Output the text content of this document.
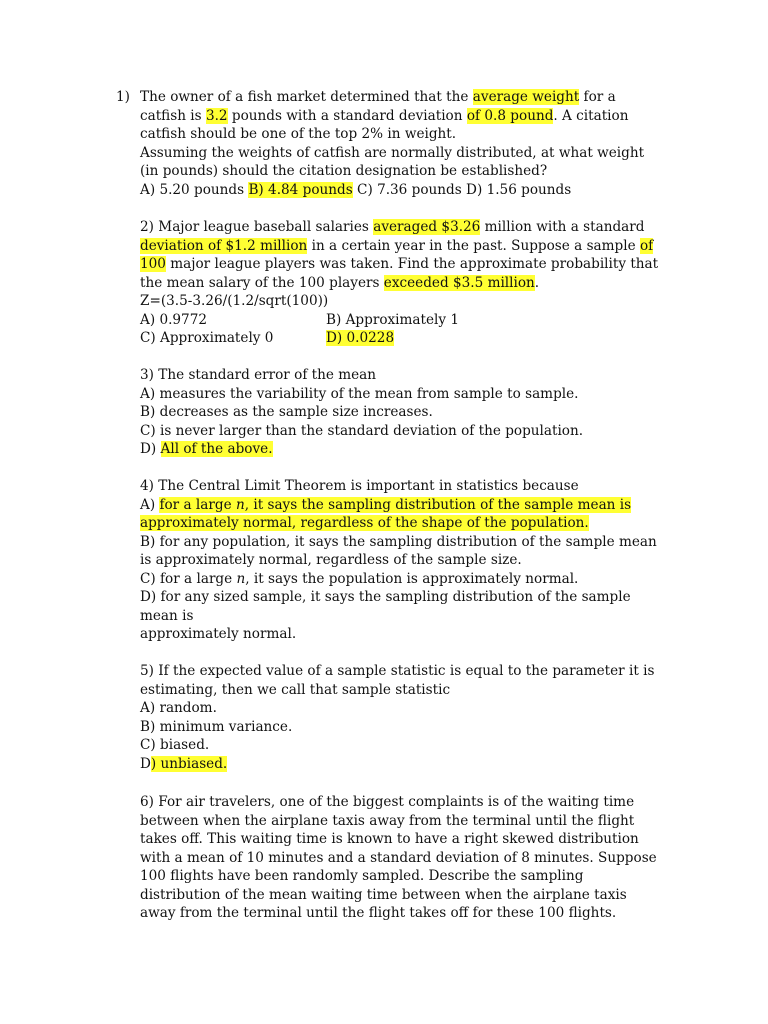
1) The owner of a fish market determined that the average weight for a
catfish is 3.2 pounds with a standard deviation of 0.8 pound. A citation
catfish should be one of the top 2% in weight.
Assuming the weights of catfish are normally distributed, at what weight
(in pounds) should the citation designation be established?
A) 5.20 pounds B) 4.84 pounds C) 7.36 pounds D) 1.56 pounds
2) Major league baseball salaries averaged $3.26 million with a standard
deviation of $1.2 million in a certain year in the past. Suppose a sample of
100 major league players was taken. Find the approximate probability that
the mean salary of the 100 players exceeded $3.5 million.
Z=(3.5-3.26/(1.2/sqrt(100))
A) 0.9772	B) Approximately 1
C) Approximately 0	D) 0.0228
3) The standard error of the mean
A) measures the variability of the mean from sample to sample.
B) decreases as the sample size increases.
C) is never larger than the standard deviation of the population.
D) All of the above.
4) The Central Limit Theorem is important in statistics because
A) for a large n, it says the sampling distribution of the sample mean is
approximately normal, regardless of the shape of the population.
B) for any population, it says the sampling distribution of the sample mean
is approximately normal, regardless of the sample size.
C) for a large n, it says the population is approximately normal.
D) for any sized sample, it says the sampling distribution of the sample
mean is
approximately normal.
5) If the expected value of a sample statistic is equal to the parameter it is
estimating, then we call that sample statistic
A) random.
B) minimum variance.
C) biased.
D) unbiased.
6) For air travelers, one of the biggest complaints is of the waiting time
between when the airplane taxis away from the terminal until the flight
takes off. This waiting time is known to have a right skewed distribution
with a mean of 10 minutes and a standard deviation of 8 minutes. Suppose
100 flights have been randomly sampled. Describe the sampling
distribution of the mean waiting time between when the airplane taxis
away from the terminal until the flight takes off for these 100 flights.
